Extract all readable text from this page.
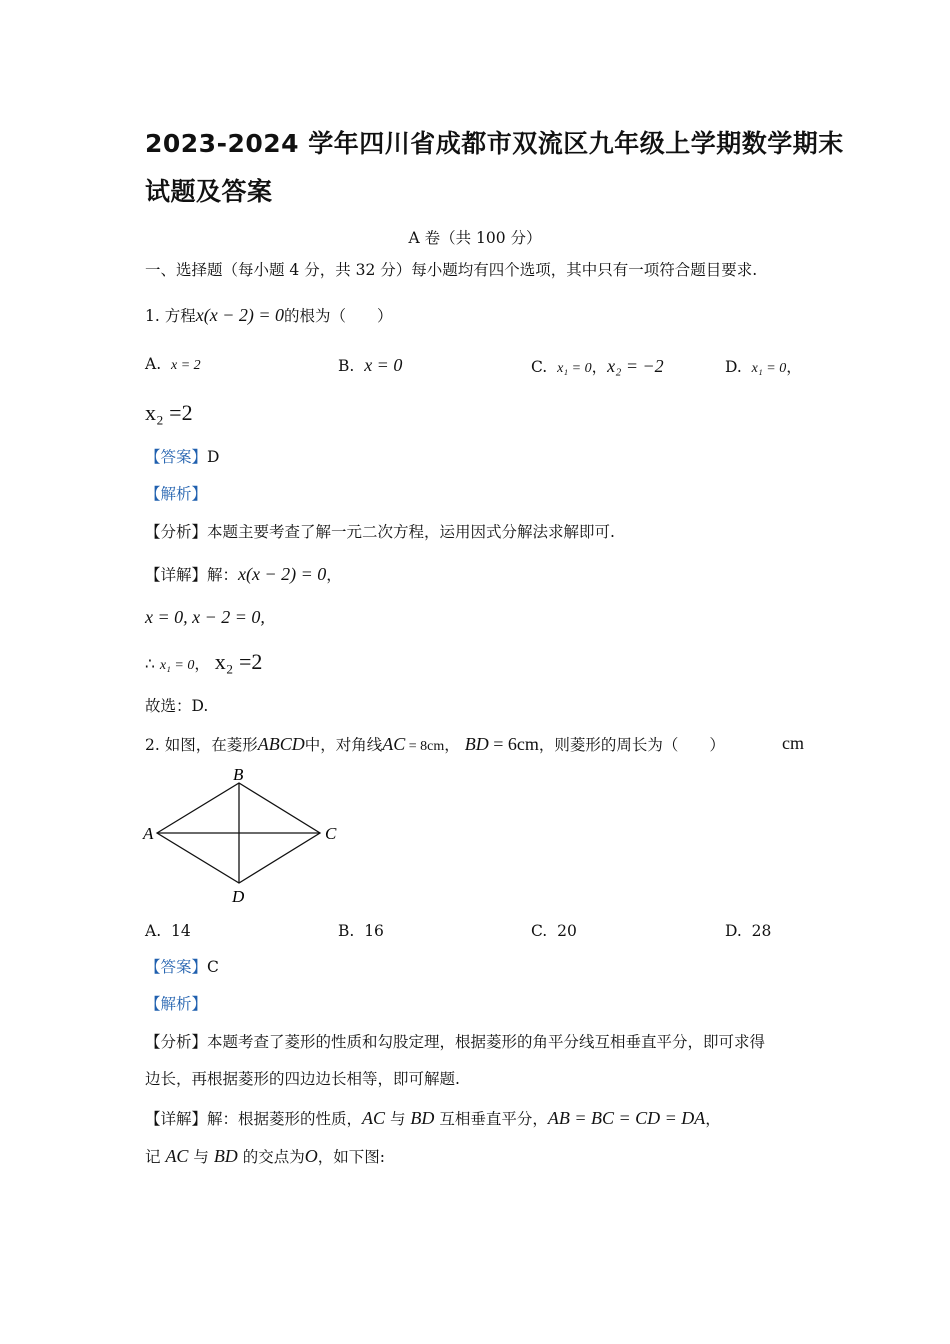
2023-2024 学年四川省成都市双流区九年级上学期数学期末
试题及答案
A 卷（共 100 分）
一、选择题（每小题 4 分，共 32 分）每小题均有四个选项，其中只有一项符合题目要求.
1. 方程x(x − 2) = 0的根为（　　）
A. x = 2	B. x = 0	C. x₁ = 0，x₂ = −2	D. x₁ = 0，
x₂ =2
【答案】D
【解析】
【分析】本题主要考查了解一元二次方程，运用因式分解法求解即可.
【详解】解：x(x − 2) = 0，
x = 0, x − 2 = 0,
∴ x₁ = 0， x₂ =2
故选：D.
2. 如图，在菱形ABCD中，对角线AC = 8cm， BD = 6cm，则菱形的周长为（　　）	cm
B
A	C
D
A. 14	B. 16	C. 20	D. 28
【答案】C
【解析】
【分析】本题考查了菱形的性质和勾股定理，根据菱形的角平分线互相垂直平分，即可求得
边长，再根据菱形的四边边长相等，即可解题.
【详解】解：根据菱形的性质，AC 与 BD 互相垂直平分，AB = BC = CD = DA，
记 AC 与 BD 的交点为O，如下图:
